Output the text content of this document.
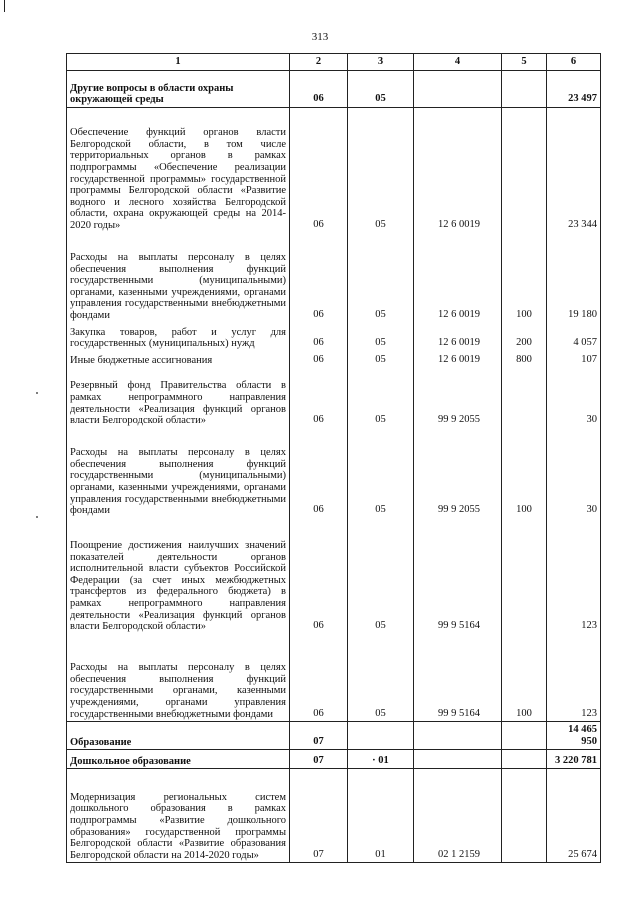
313
1	2	3	4	5	6
Другие вопросы в области охраны окружающей среды	06	05			23 497
Обеспечение функций органов власти Белгородской области, в том числе территориальных органов в рамках подпрограммы «Обеспечение реализации государственной программы» государственной программы Белгородской области «Развитие водного и лесного хозяйства Белгородской области, охрана окружающей среды на 2014-2020 годы»	06	05	12 6 0019		23 344
Расходы на выплаты персоналу в целях обеспечения выполнения функций государственными (муниципальными) органами, казенными учреждениями, органами управления государственными внебюджетными фондами	06	05	12 6 0019	100	19 180
Закупка товаров, работ и услуг для государственных (муниципальных) нужд	06	05	12 6 0019	200	4 057
Иные бюджетные ассигнования	06	05	12 6 0019	800	107
Резервный фонд Правительства области в рамках непрограммного направления деятельности «Реализация функций органов власти Белгородской области»	06	05	99 9 2055		30
Расходы на выплаты персоналу в целях обеспечения выполнения функций государственными (муниципальными) органами, казенными учреждениями, органами управления государственными внебюджетными фондами	06	05	99 9 2055	100	30
Поощрение достижения наилучших значений показателей деятельности органов исполнительной власти субъектов Российской Федерации (за счет иных межбюджетных трансфертов из федерального бюджета) в рамках непрограммного направления деятельности «Реализация функций органов власти Белгородской области»	06	05	99 9 5164		123
Расходы на выплаты персоналу в целях обеспечения выполнения функций государственными органами, казенными учреждениями, органами управления государственными внебюджетными фондами	06	05	99 9 5164	100	123
Образование	07				14 465 950
Дошкольное образование	07	· 01			3 220 781
Модернизация региональных систем дошкольного образования в рамках подпрограммы «Развитие дошкольного образования» государственной программы Белгородской области «Развитие образования Белгородской области на 2014-2020 годы»	07	01	02 1 2159		25 674
